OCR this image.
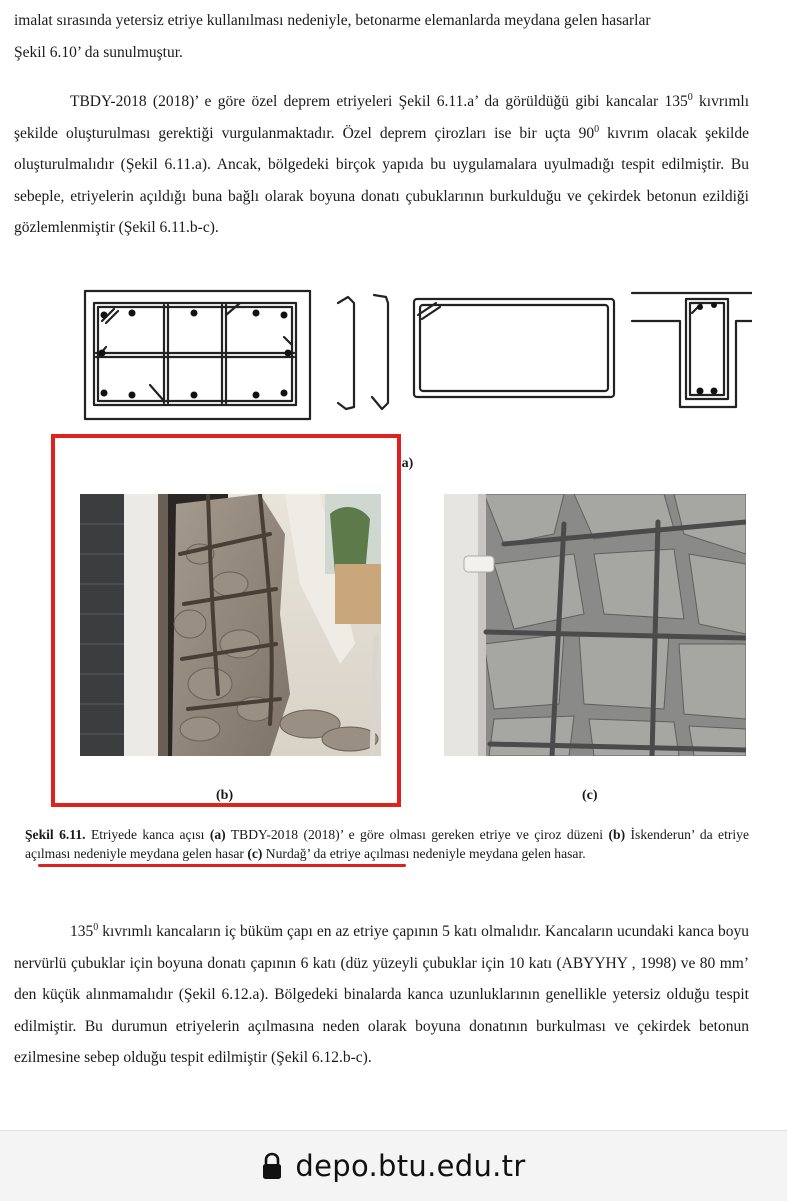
imalat sırasında yetersiz etriye kullanılması nedeniyle, betonarme elemanlarda meydana gelen hasarlar
Şekil 6.10’ da sunulmuştur.

TBDY-2018 (2018)’ e göre özel deprem etriyeleri Şekil 6.11.a’ da görüldüğü gibi kancalar $135^0$ kıvrımlı şekilde oluşturulması gerektiği vurgulanmaktadır. Özel deprem çirozları ise bir uçta $90^0$ kıvrım olacak şekilde oluşturulmalıdır (Şekil 6.11.a). Ancak, bölgedeki birçok yapıda bu uygulamalara uyulmadığı tespit edilmiştir. Bu sebeple, etriyelerin açıldığı buna bağlı olarak boyuna donatı çubuklarının burkulduğu ve çekirdek betonun ezildiği gözlemlenmiştir (Şekil 6.11.b-c).

(a)
(b)	(c)

Şekil 6.11. Etriyede kanca açısı (a) TBDY-2018 (2018)’ e göre olması gereken etriye ve çiroz düzeni (b) İskenderun’ da etriye açılması nedeniyle meydana gelen hasar (c) Nurdağ’ da etriye açılması nedeniyle meydana gelen hasar.

$135^0$ kıvrımlı kancaların iç büküm çapı en az etriye çapının 5 katı olmalıdır. Kancaların ucundaki kanca boyu nervürlü çubuklar için boyuna donatı çapının 6 katı (düz yüzeyli çubuklar için 10 katı (ABYYHY , 1998) ve 80 mm’ den küçük alınmamalıdır (Şekil 6.12.a). Bölgedeki binalarda kanca uzunluklarının genellikle yetersiz olduğu tespit edilmiştir. Bu durumun etriyelerin açılmasına neden olarak boyuna donatının burkulması ve çekirdek betonun ezilmesine sebep olduğu tespit edilmiştir (Şekil 6.12.b-c).

depo.btu.edu.tr
